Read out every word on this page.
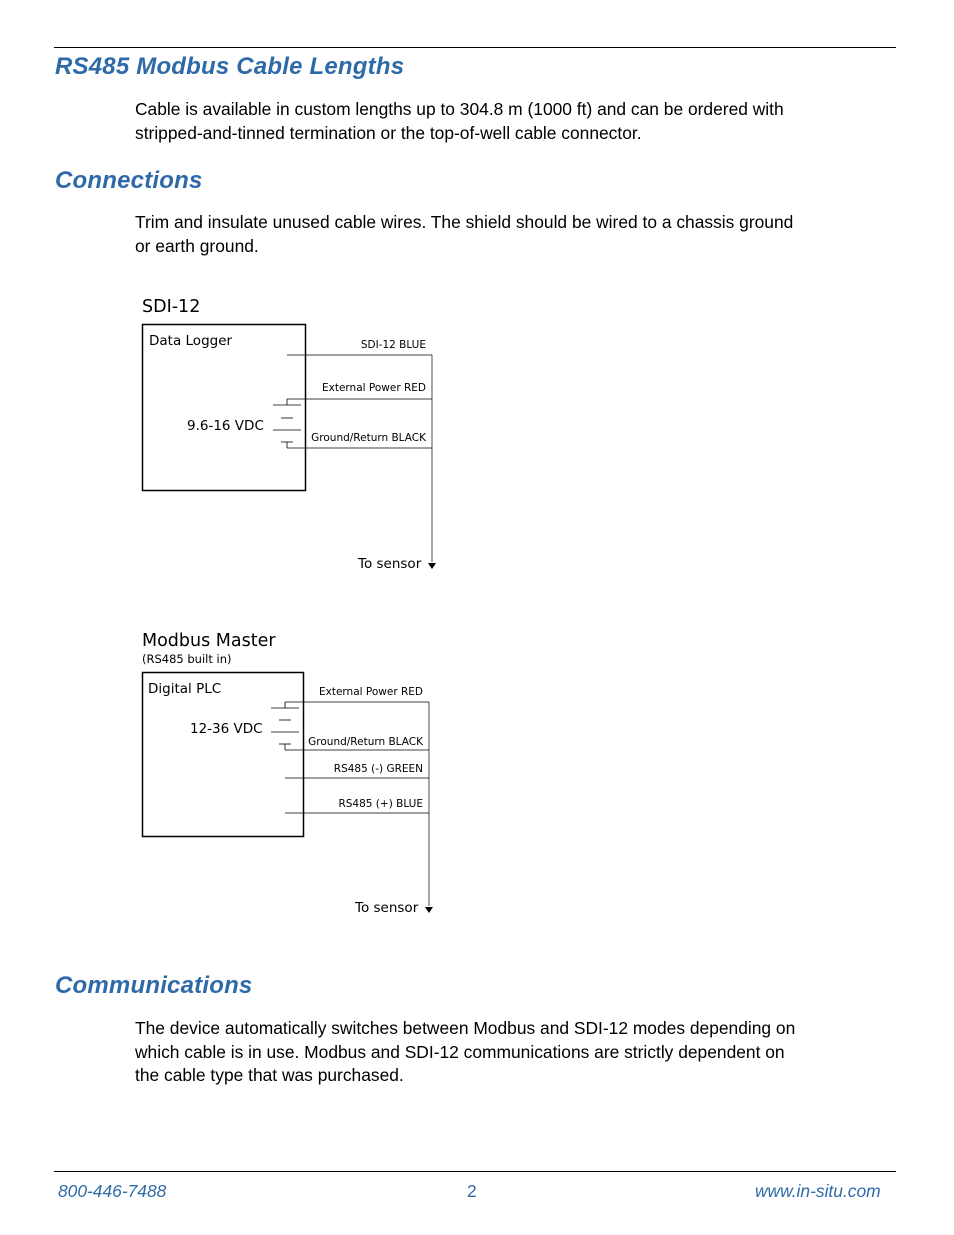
RS485 Modbus Cable Lengths

Cable is available in custom lengths up to 304.8 m (1000 ft) and can be ordered with
stripped-and-tinned termination or the top-of-well cable connector.

Connections

Trim and insulate unused cable wires. The shield should be wired to a chassis ground
or earth ground.

SDI-12
Data Logger
9.6-16 VDC
SDI-12 BLUE
External Power RED
Ground/Return BLACK
To sensor
Modbus Master
(RS485 built in)
Digital PLC
12-36 VDC
External Power RED
Ground/Return BLACK
RS485 (-) GREEN
RS485 (+) BLUE
To sensor
Communications

The device automatically switches between Modbus and SDI-12 modes depending on
which cable is in use. Modbus and SDI-12 communications are strictly dependent on
the cable type that was purchased.

800-446-7488	2	www.in-situ.com
